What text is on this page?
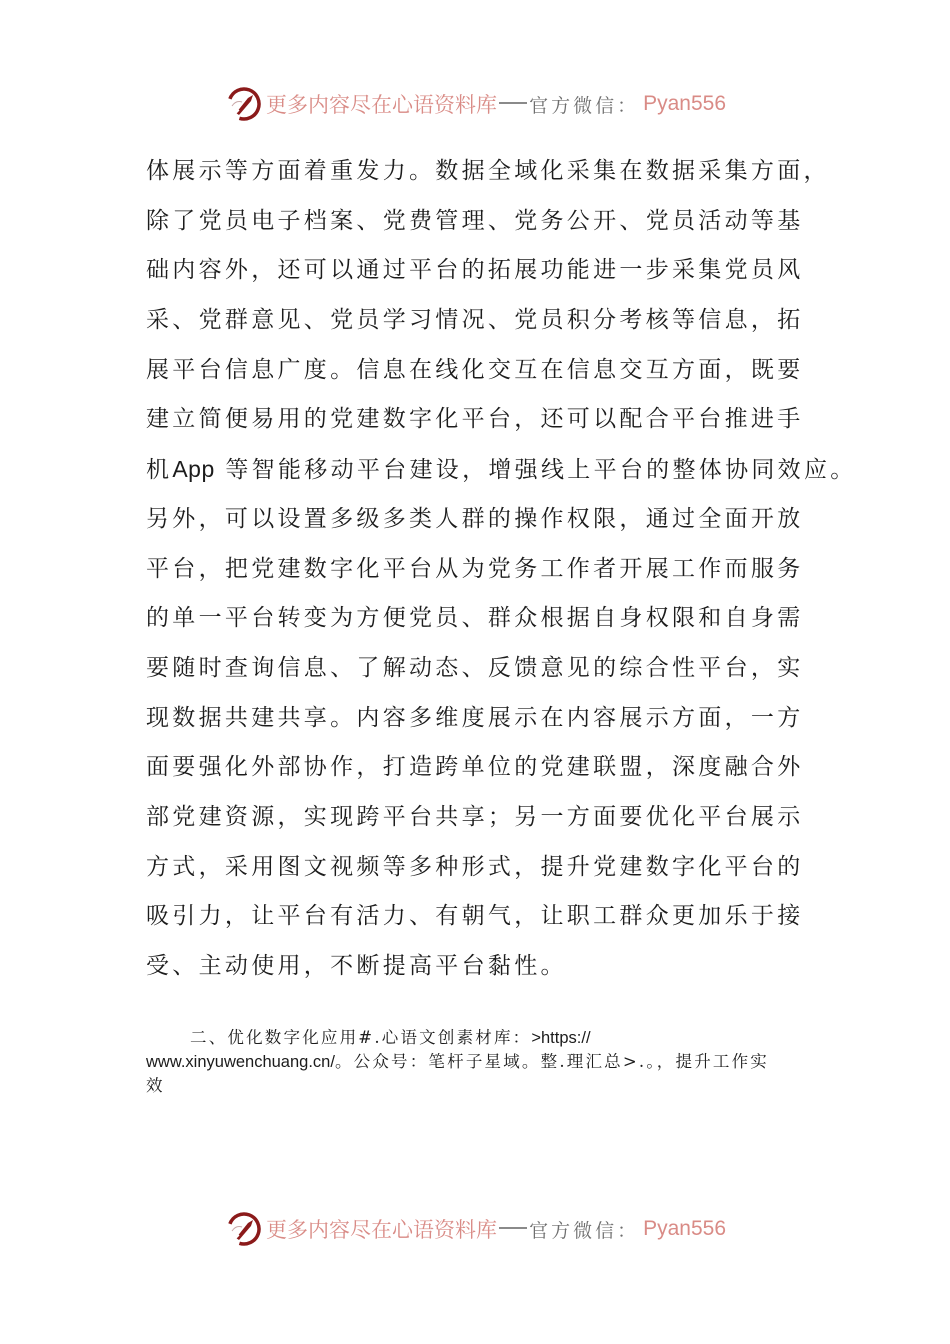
更多内容尽在心语资料库 官方微信： Pyan556
体展示等方面着重发力。数据全域化采集在数据采集方面，
除了党员电子档案、党费管理、党务公开、党员活动等基
础内容外，还可以通过平台的拓展功能进一步采集党员风
采、党群意见、党员学习情况、党员积分考核等信息，拓
展平台信息广度。信息在线化交互在信息交互方面，既要
建立简便易用的党建数字化平台，还可以配合平台推进手
机App 等智能移动平台建设，增强线上平台的整体协同效应。
另外，可以设置多级多类人群的操作权限，通过全面开放
平台，把党建数字化平台从为党务工作者开展工作而服务
的单一平台转变为方便党员、群众根据自身权限和自身需
要随时查询信息、了解动态、反馈意见的综合性平台，实
现数据共建共享。内容多维度展示在内容展示方面，一方
面要强化外部协作，打造跨单位的党建联盟，深度融合外
部党建资源，实现跨平台共享；另一方面要优化平台展示
方式，采用图文视频等多种形式，提升党建数字化平台的
吸引力，让平台有活力、有朝气，让职工群众更加乐于接
受、主动使用，不断提高平台黏性。
二、优化数字化应用#.心语文创素材库：>https://
www.xinyuwenchuang.cn/。公众号：笔杆子星域。整.理汇总>.。，提升工作实
效
更多内容尽在心语资料库 官方微信： Pyan556
